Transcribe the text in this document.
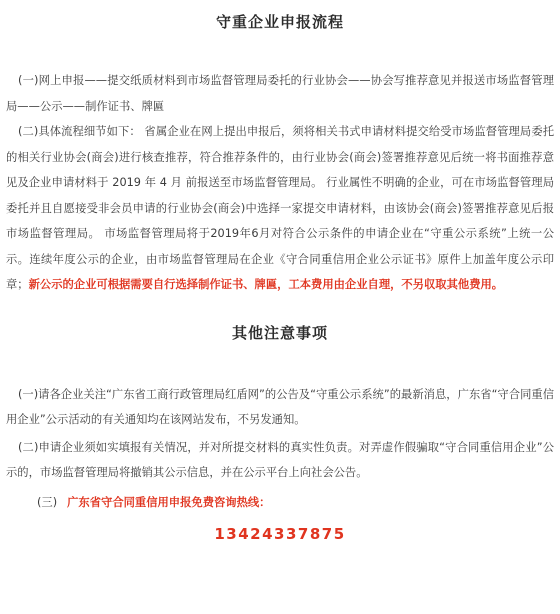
守重企业申报流程

(一)网上申报——提交纸质材料到市场监督管理局委托的行业协会——协会写推荐意见并报送市场监督管理局——公示——制作证书、牌匾

(二)具体流程细节如下： 省属企业在网上提出申报后，须将相关书式申请材料提交给受市场监督管理局委托的相关行业协会(商会)进行核查推荐，符合推荐条件的，由行业协会(商会)签署推荐意见后统一将书面推荐意见及企业申请材料于 2019 年 4 月 前报送至市场监督管理局。 行业属性不明确的企业，可在市场监督管理局委托并且自愿接受非会员申请的行业协会(商会)中选择一家提交申请材料，由该协会(商会)签署推荐意见后报市场监督管理局。 市场监督管理局将于2019年6月对符合公示条件的申请企业在“守重公示系统”上统一公示。连续年度公示的企业，由市场监督管理局在企业《守合同重信用企业公示证书》原件上加盖年度公示印章；新公示的企业可根据需要自行选择制作证书、牌匾，工本费用由企业自理，不另収取其他费用。

其他注意事项

(一)请各企业关注“广东省工商行政管理局红盾网”的公告及“守重公示系统”的最新消息，广东省“守合同重信用企业”公示活动的有关通知均在该网站发布，不另发通知。

(二)申请企业须如实填报有关情况，并对所提交材料的真实性负责。对弄虚作假骗取“守合同重信用企业”公示的，市场监督管理局将撤销其公示信息，并在公示平台上向社会公告。

(三) 广东省守合同重信用申报免费咨询热线：
13424337875
